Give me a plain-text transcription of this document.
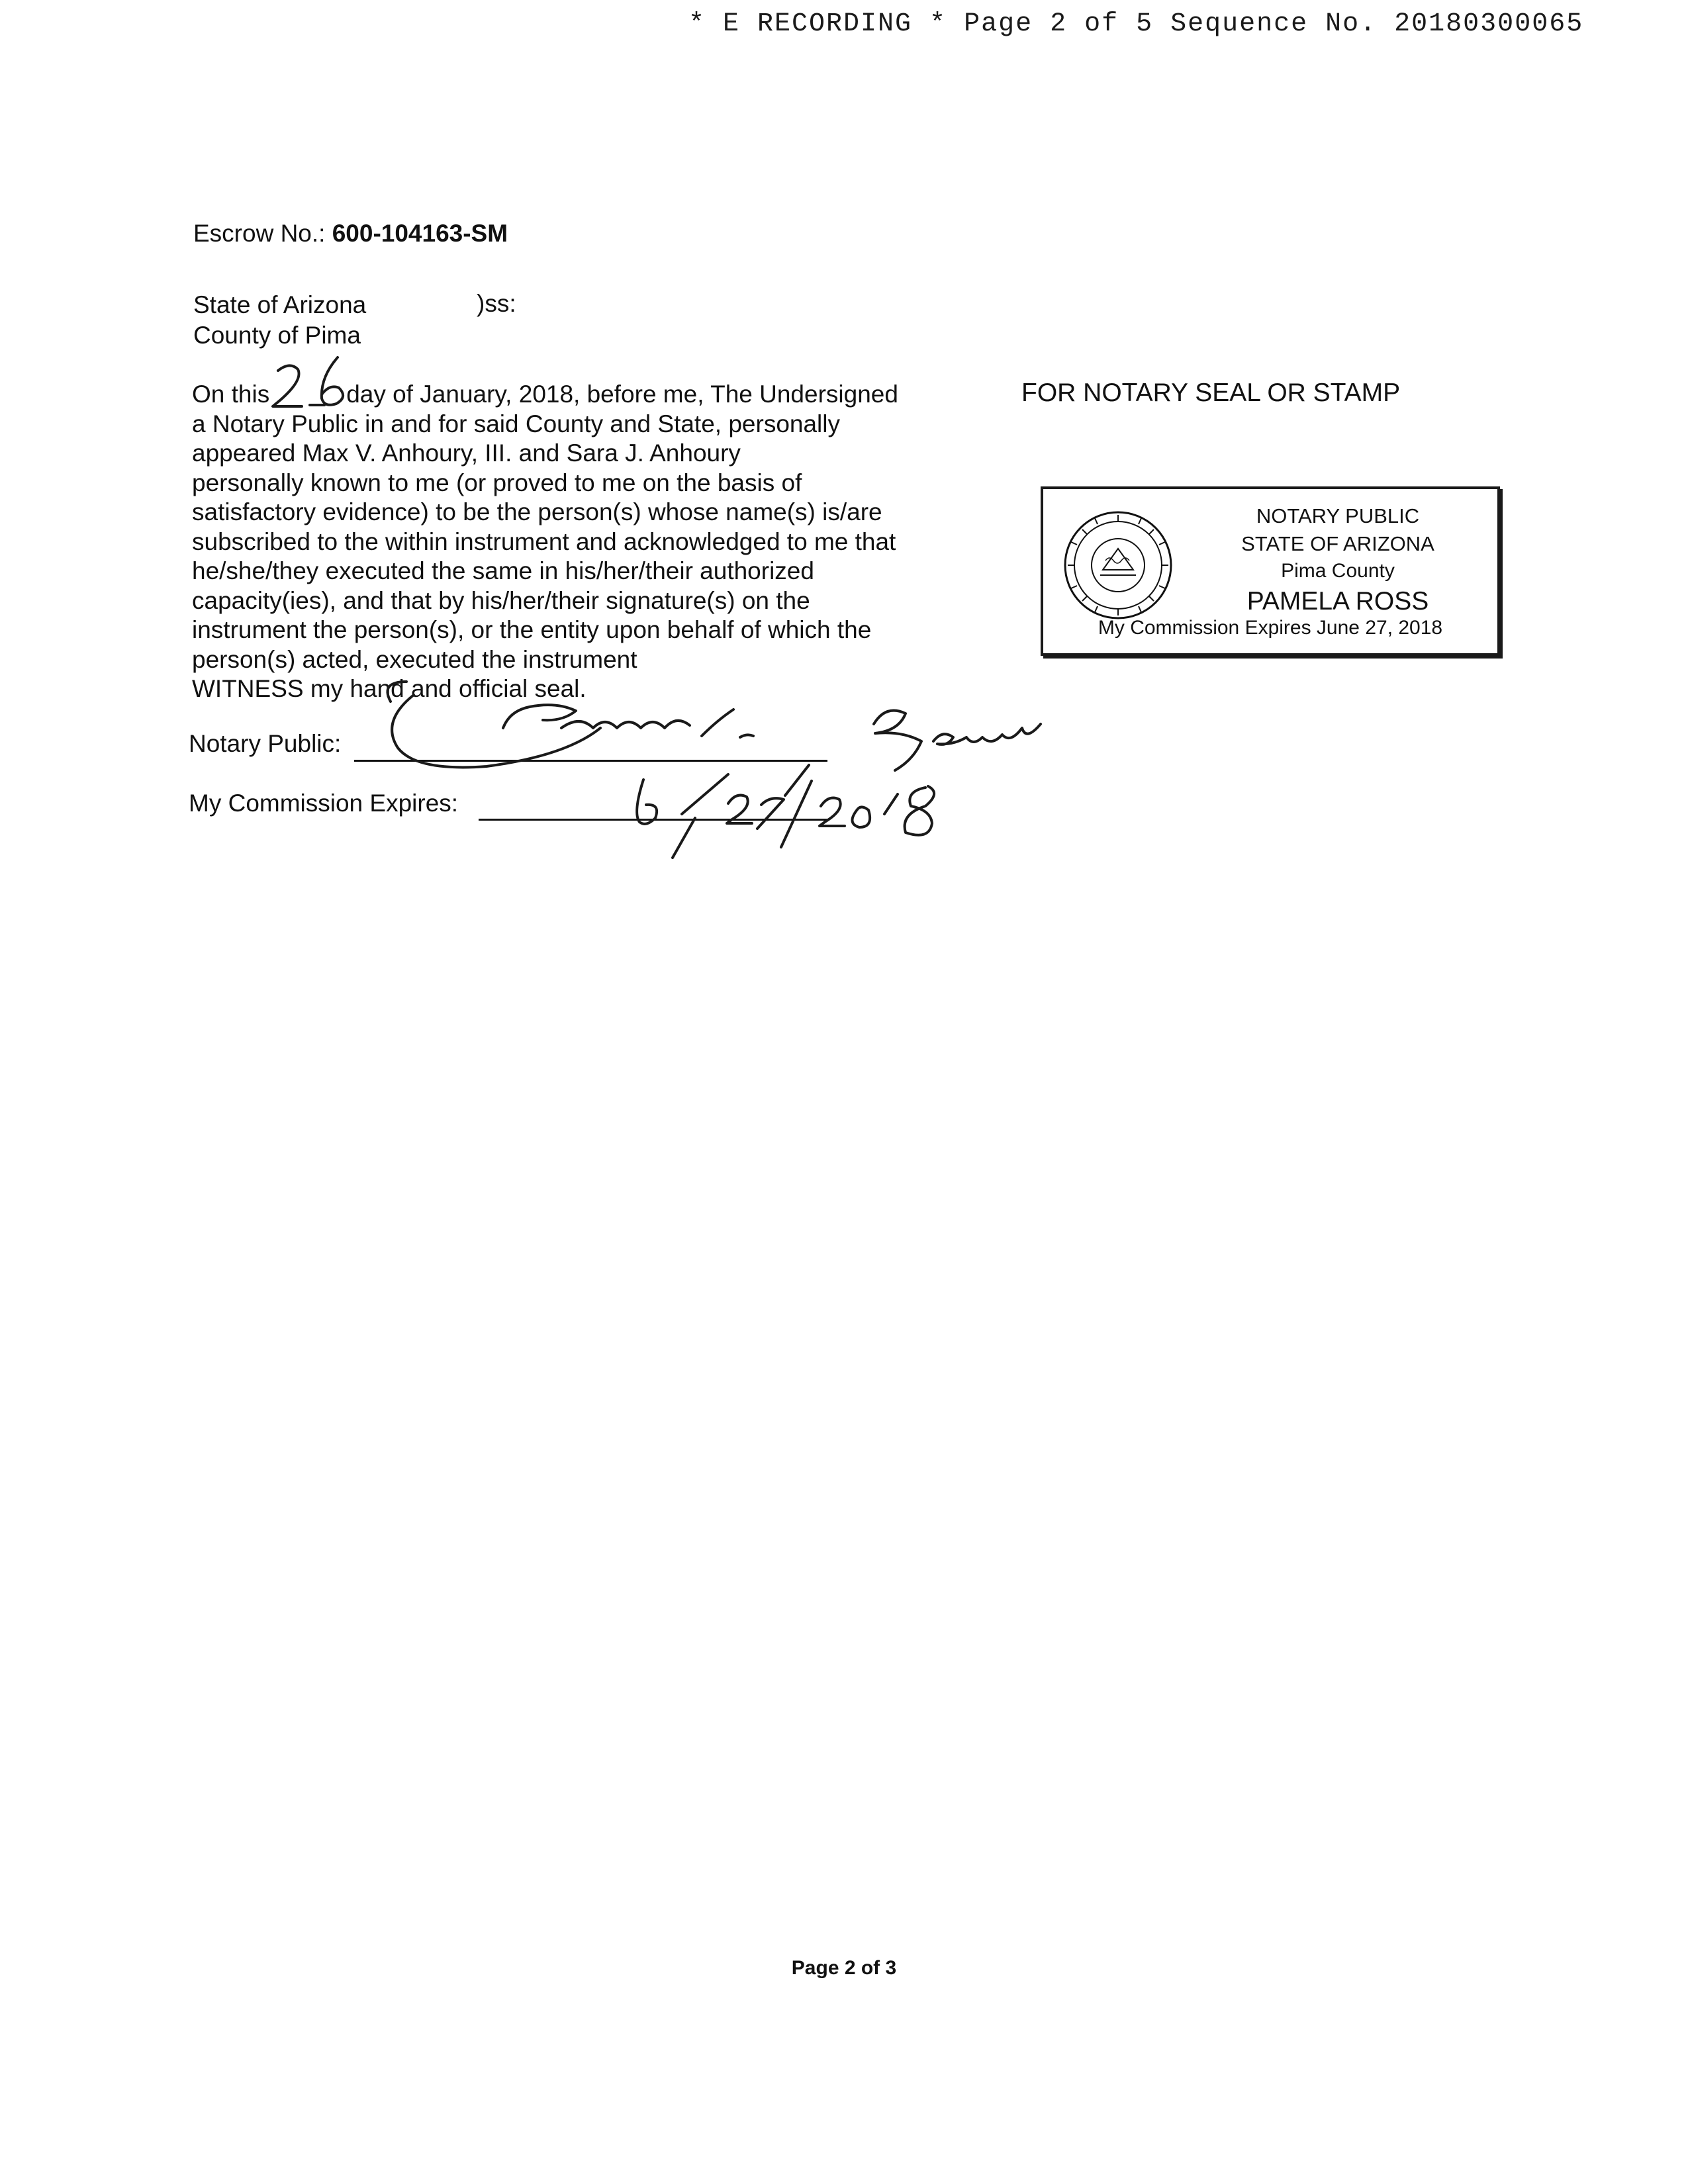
* E RECORDING * Page 2 of 5 Sequence No. 20180300065
Escrow No.: 600-104163-SM
State of Arizona
County of Pima
)ss:
On this	day of January, 2018, before me, The Undersigned
a Notary Public in and for said County and State, personally
appeared Max V. Anhoury, III. and Sara J. Anhoury
personally known to me (or proved to me on the basis of
satisfactory evidence) to be the person(s) whose name(s) is/are
subscribed to the within instrument and acknowledged to me that
he/she/they executed the same in his/her/their authorized
capacity(ies), and that by his/her/their signature(s) on the
instrument the person(s), or the entity upon behalf of which the
person(s) acted, executed the instrument
WITNESS my hand and official seal.
FOR NOTARY SEAL OR STAMP
NOTARY PUBLIC
STATE OF ARIZONA
Pima County
PAMELA ROSS
My Commission Expires June 27, 2018
Notary Public:
My Commission Expires:
Page 2 of 3
